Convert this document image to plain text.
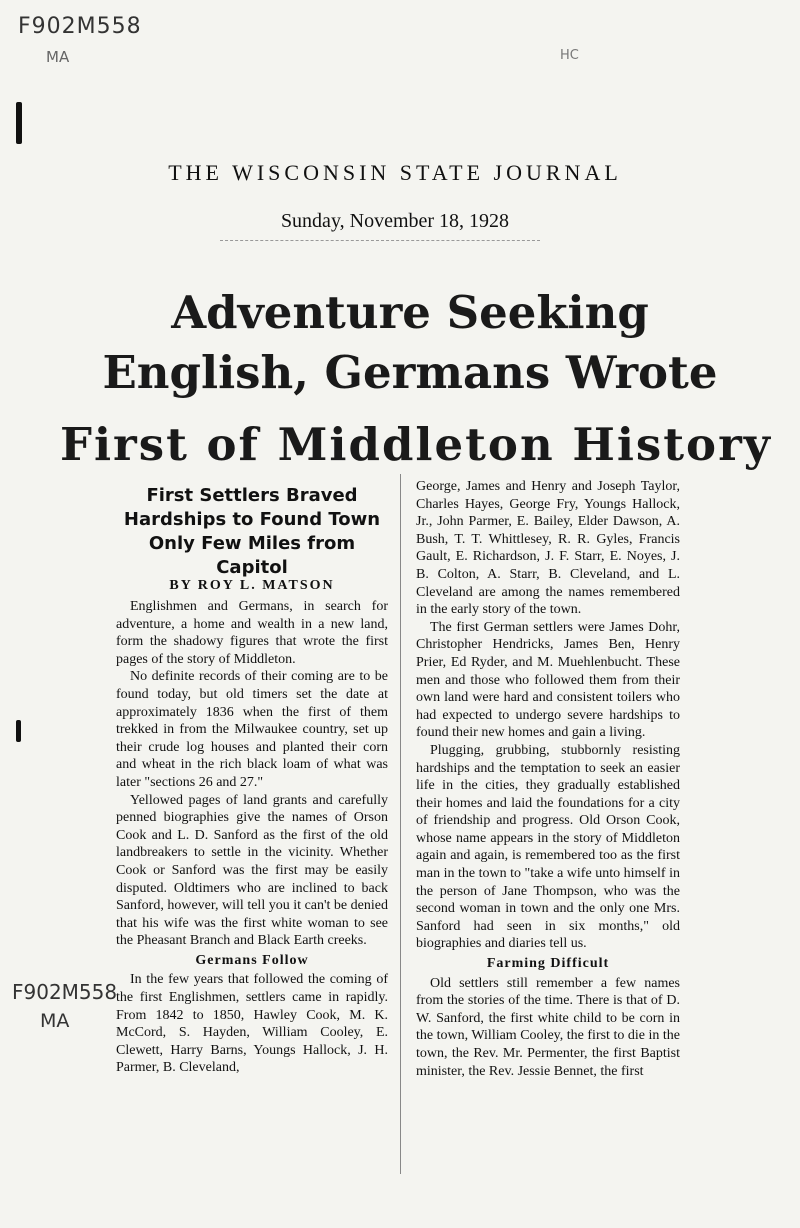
F902M558
MA	HC
THE WISCONSIN STATE JOURNAL
Sunday, November 18, 1928
Adventure Seeking
English, Germans Wrote
First of Middleton History
First Settlers Braved Hardships to Found Town Only Few Miles from Capitol
BY ROY L. MATSON

Englishmen and Germans, in search for adventure, a home and wealth in a new land, form the shadowy figures that wrote the first pages of the story of Middleton.

No definite records of their coming are to be found today, but old timers set the date at approximately 1836 when the first of them trekked in from the Milwaukee country, set up their crude log houses and planted their corn and wheat in the rich black loam of what was later "sections 26 and 27."

Yellowed pages of land grants and carefully penned biographies give the names of Orson Cook and L. D. Sanford as the first of the old landbreakers to settle in the vicinity. Whether Cook or Sanford was the first may be easily disputed. Oldtimers who are inclined to back Sanford, however, will tell you it can't be denied that his wife was the first white woman to see the Pheasant Branch and Black Earth creeks.

Germans Follow

In the few years that followed the coming of the first Englishmen, settlers came in rapidly. From 1842 to 1850, Hawley Cook, M. K. McCord, S. Hayden, William Cooley, E. Clewett, Harry Barns, Youngs Hallock, J. H. Parmer, B. Cleveland,

George, James and Henry and Joseph Taylor, Charles Hayes, George Fry, Youngs Hallock, Jr., John Parmer, E. Bailey, Elder Dawson, A. Bush, T. T. Whittlesey, R. R. Gyles, Francis Gault, E. Richardson, J. F. Starr, E. Noyes, J. B. Colton, A. Starr, B. Cleveland, and L. Cleveland are among the names remembered in the early story of the town.

The first German settlers were James Dohr, Christopher Hendricks, James Ben, Henry Prier, Ed Ryder, and M. Muehlenbucht. These men and those who followed them from their own land were hard and consistent toilers who had expected to undergo severe hardships to found their new homes and gain a living.

Plugging, grubbing, stubbornly resisting hardships and the temptation to seek an easier life in the cities, they gradually established their homes and laid the foundations for a city of friendship and progress. Old Orson Cook, whose name appears in the story of Middleton again and again, is remembered too as the first man in the town to "take a wife unto himself in the person of Jane Thompson, who was the second woman in town and the only one Mrs. Sanford had seen in six months," old biographies and diaries tell us.

Farming Difficult

Old settlers still remember a few names from the stories of the time. There is that of D. W. Sanford, the first white child to be corn in the town, William Cooley, the first to die in the town, the Rev. Mr. Permenter, the first Baptist minister, the Rev. Jessie Bennet, the first

F902M558
MA
